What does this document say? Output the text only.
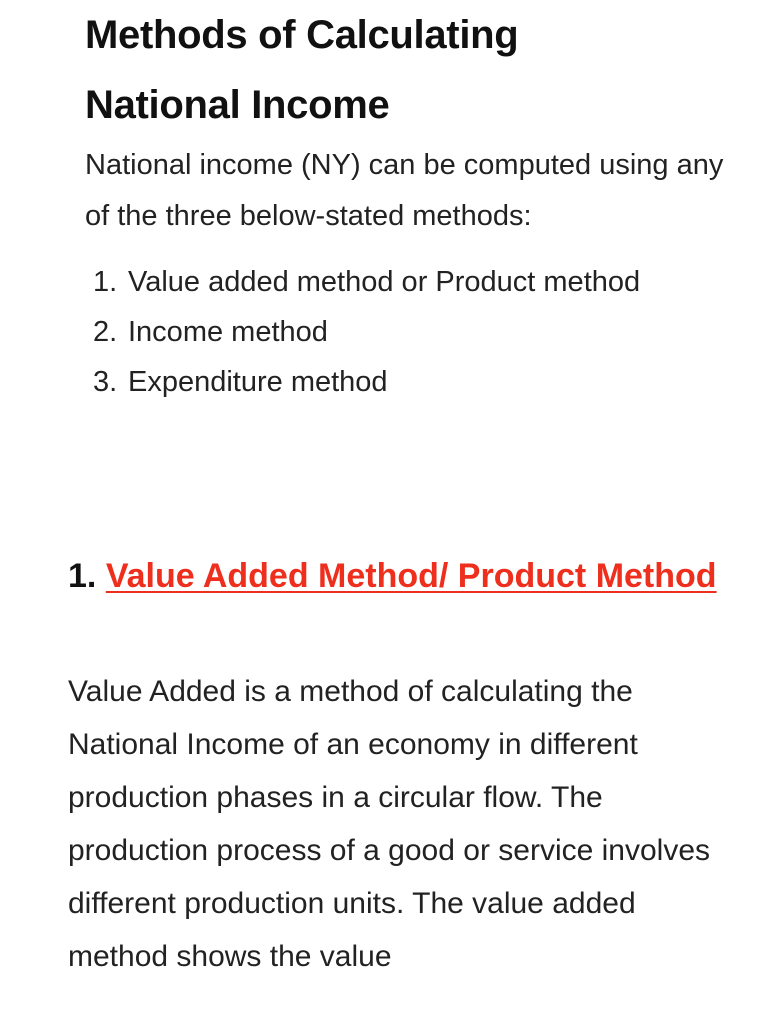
Methods of Calculating
National Income

National income (NY) can be computed using any of the three below-stated methods:

1. Value added method or Product method
2. Income method
3. Expenditure method
1. Value Added Method/ Product Method

Value Added is a method of calculating the National Income of an economy in different production phases in a circular flow. The production process of a good or service involves different production units. The value added method shows the value
